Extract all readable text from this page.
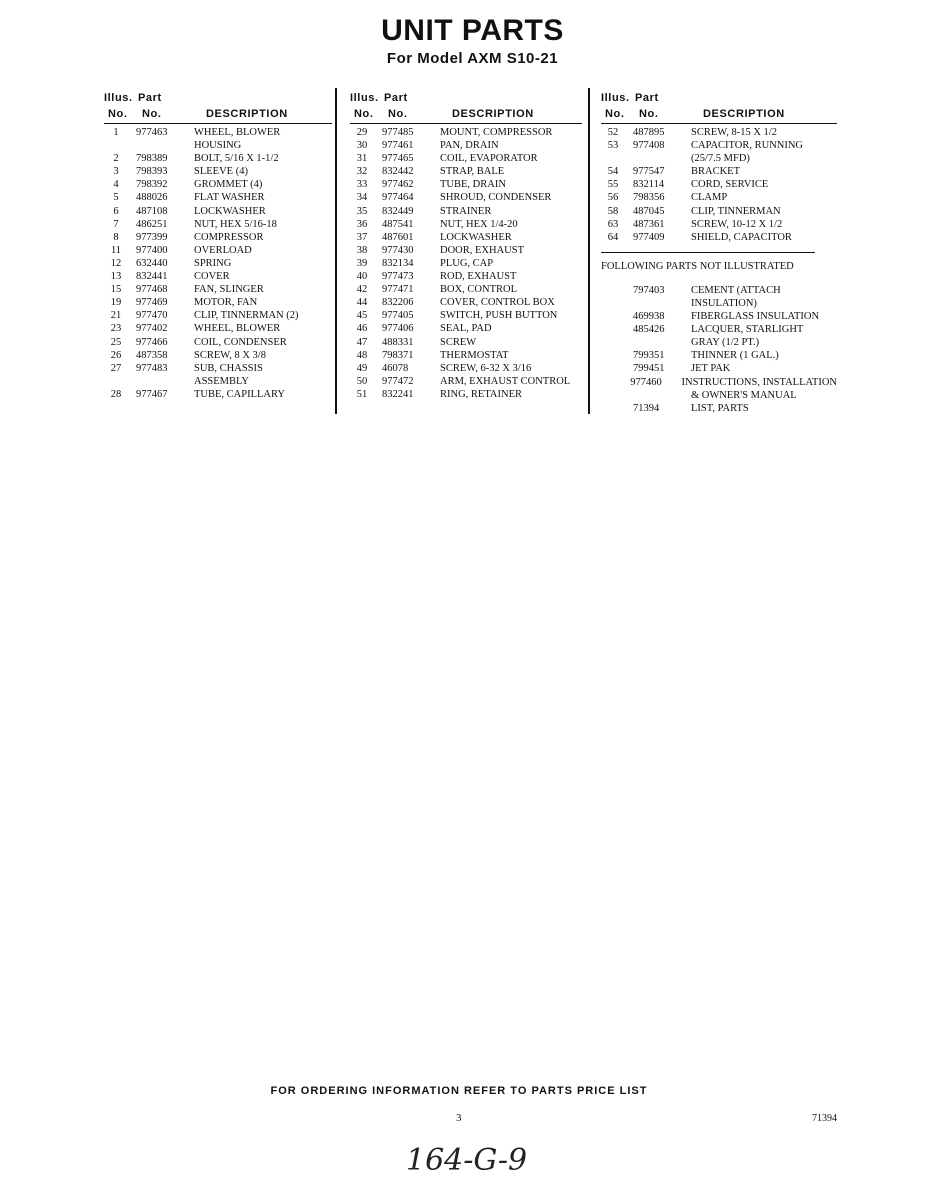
UNIT PARTS
For Model AXM S10-21
Illus. Part
No. No.	DESCRIPTION
1	977463	WHEEL, BLOWER
HOUSING
2	798389	BOLT, 5/16 X 1-1/2
3	798393	SLEEVE (4)
4	798392	GROMMET (4)
5	488026	FLAT WASHER
6	487108	LOCKWASHER
7	486251	NUT, HEX 5/16-18
8	977399	COMPRESSOR
11	977400	OVERLOAD
12	632440	SPRING
13	832441	COVER
15	977468	FAN, SLINGER
19	977469	MOTOR, FAN
21	977470	CLIP, TINNERMAN (2)
23	977402	WHEEL, BLOWER
25	977466	COIL, CONDENSER
26	487358	SCREW, 8 X 3/8
27	977483	SUB, CHASSIS
ASSEMBLY
28	977467	TUBE, CAPILLARY
Illus. Part
No. No.	DESCRIPTION
29	977485	MOUNT, COMPRESSOR
30	977461	PAN, DRAIN
31	977465	COIL, EVAPORATOR
32	832442	STRAP, BALE
33	977462	TUBE, DRAIN
34	977464	SHROUD, CONDENSER
35	832449	STRAINER
36	487541	NUT, HEX 1/4-20
37	487601	LOCKWASHER
38	977430	DOOR, EXHAUST
39	832134	PLUG, CAP
40	977473	ROD, EXHAUST
42	977471	BOX, CONTROL
44	832206	COVER, CONTROL BOX
45	977405	SWITCH, PUSH BUTTON
46	977406	SEAL, PAD
47	488331	SCREW
48	798371	THERMOSTAT
49	46078	SCREW, 6-32 X 3/16
50	977472	ARM, EXHAUST CONTROL
51	832241	RING, RETAINER
Illus. Part
No. No.	DESCRIPTION
52	487895	SCREW, 8-15 X 1/2
53	977408	CAPACITOR, RUNNING
(25/7.5 MFD)
54	977547	BRACKET
55	832114	CORD, SERVICE
56	798356	CLAMP
58	487045	CLIP, TINNERMAN
63	487361	SCREW, 10-12 X 1/2
64	977409	SHIELD, CAPACITOR
FOLLOWING PARTS NOT ILLUSTRATED
797403	CEMENT (ATTACH
INSULATION)
469938	FIBERGLASS INSULATION
485426	LACQUER, STARLIGHT
GRAY (1/2 PT.)
799351	THINNER (1 GAL.)
799451	JET PAK
977460	INSTRUCTIONS, INSTALLATION
& OWNER'S MANUAL
71394	LIST, PARTS
FOR ORDERING INFORMATION REFER TO PARTS PRICE LIST
3	71394
164-G-9
